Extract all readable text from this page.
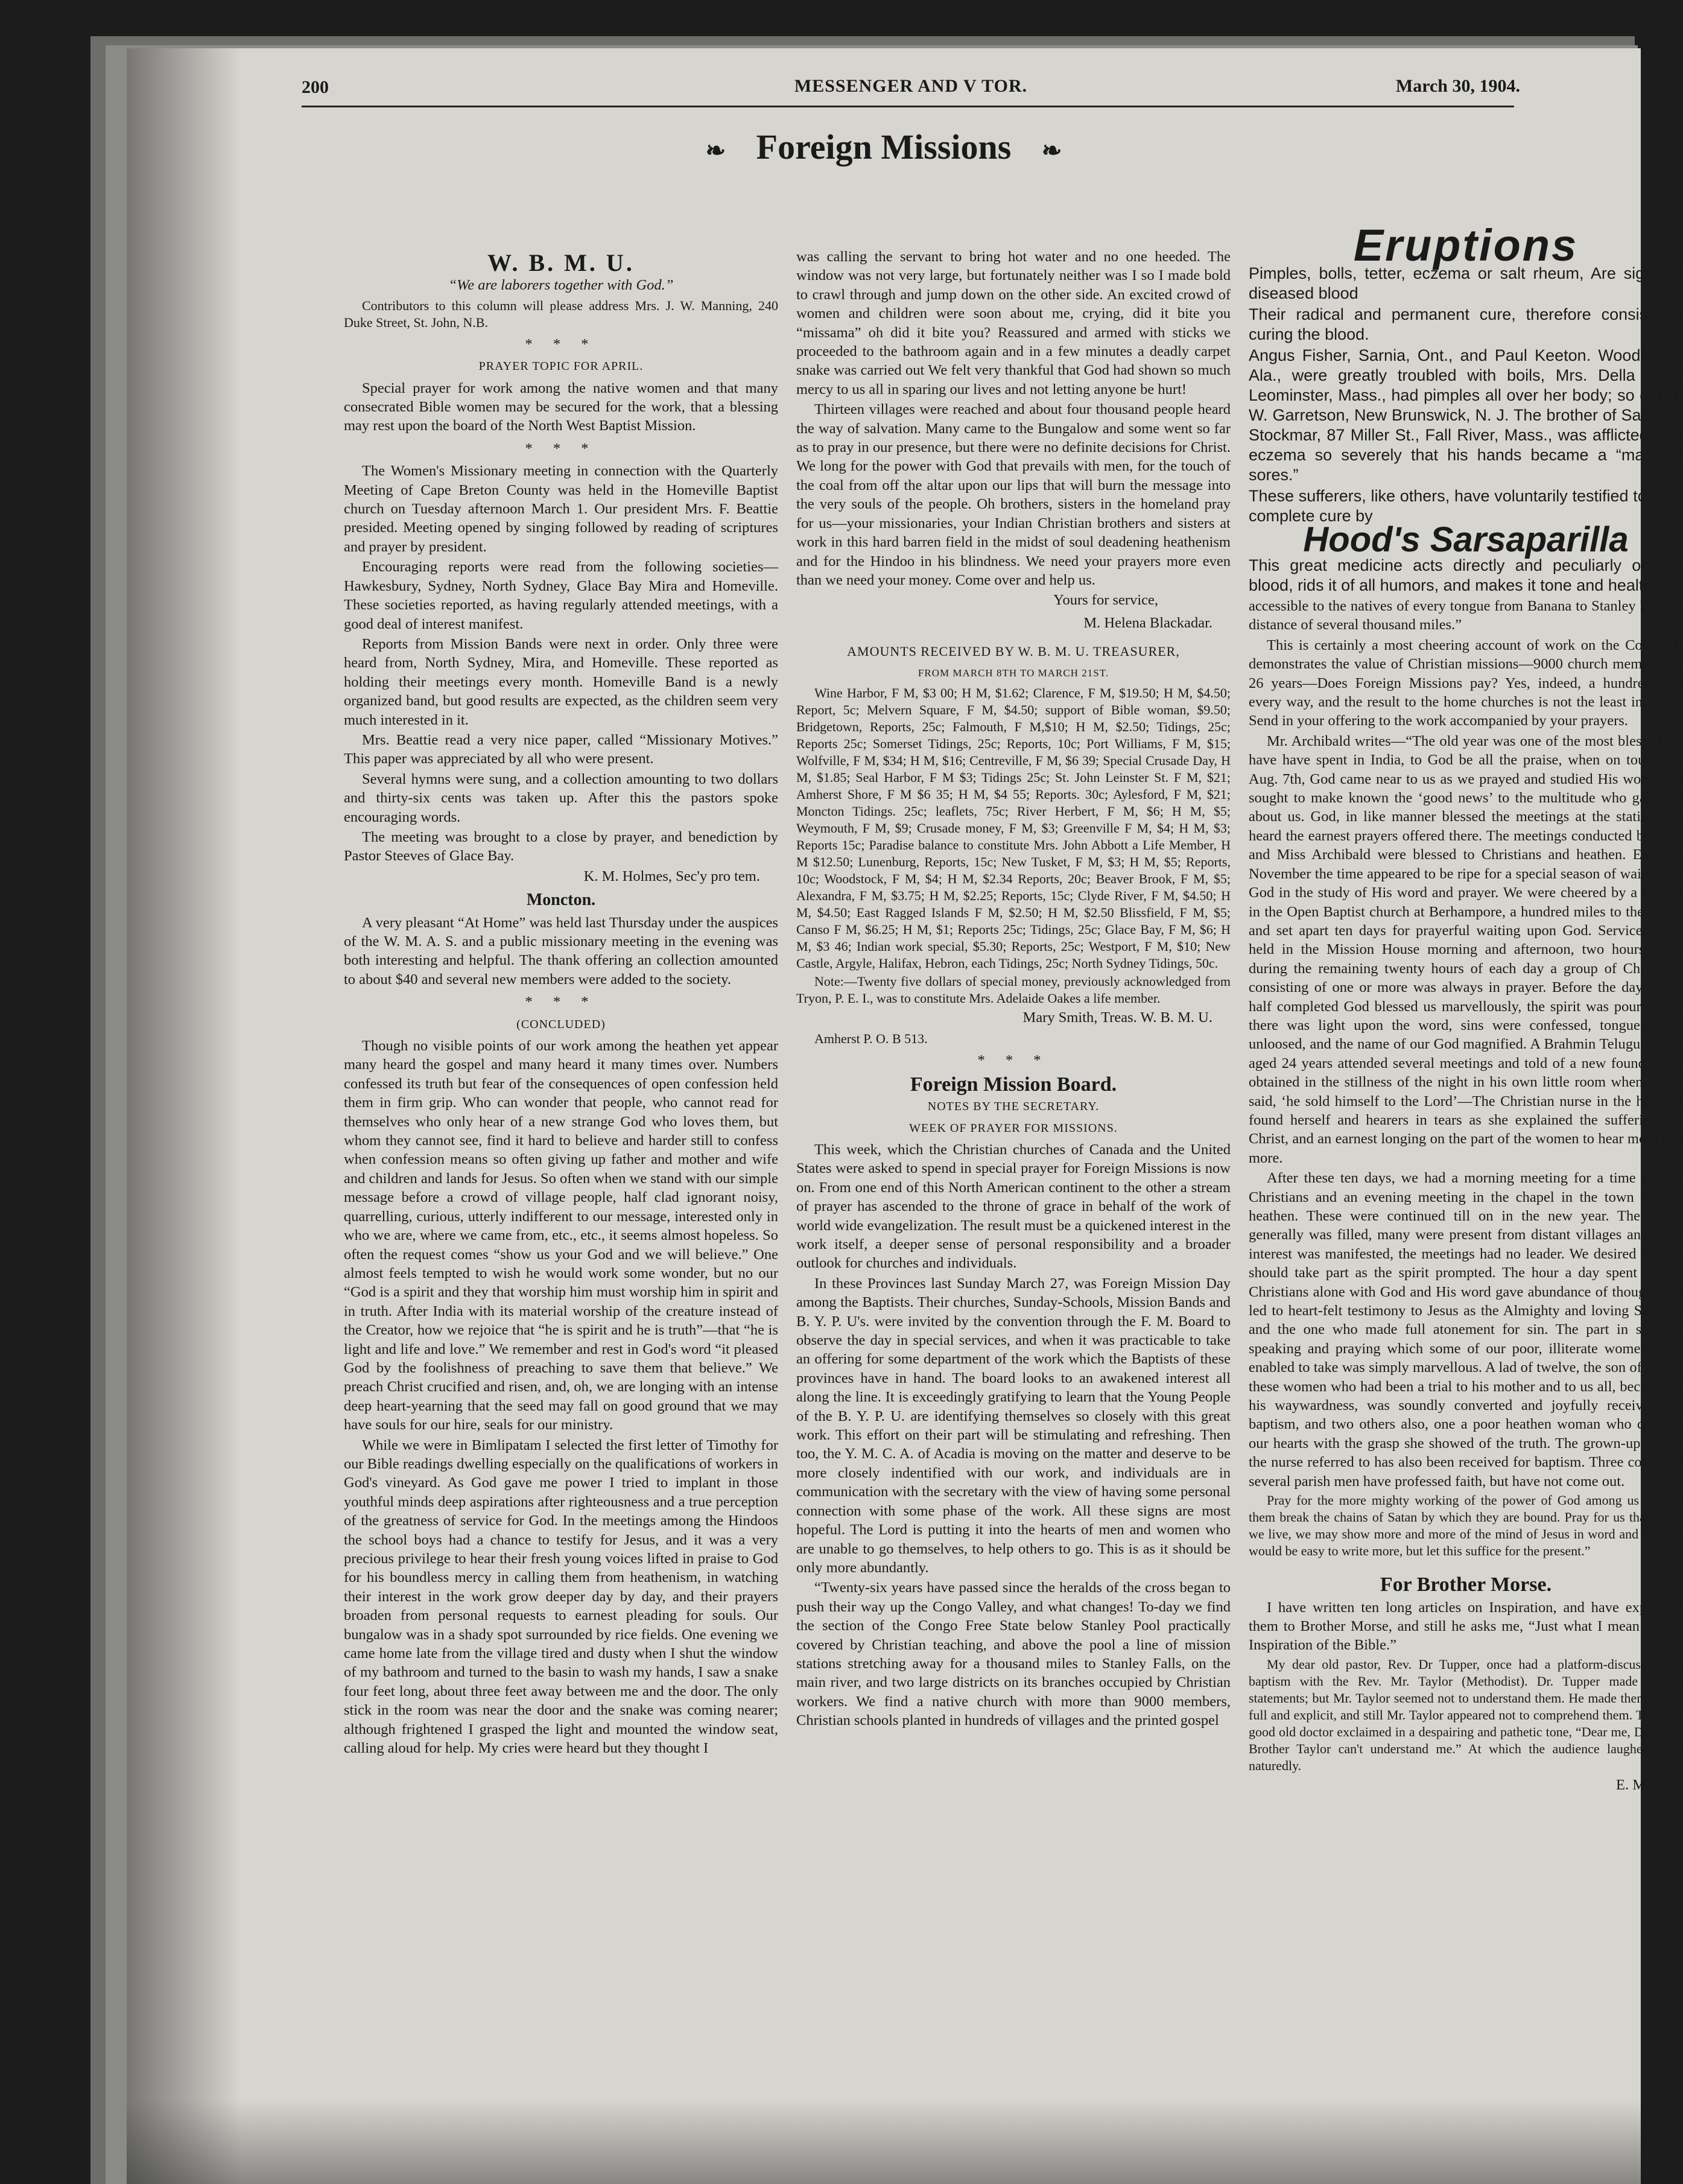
200	MESSENGER AND V TOR.	March 30, 1904.
❧ Foreign Missions ❧
W. B. M. U.
“We are laborers together with God.”

Contributors to this column will please address Mrs. J. W. Manning, 240 Duke Street, St. John, N.B.

* * *
PRAYER TOPIC FOR APRIL.

Special prayer for work among the native women and that many consecrated Bible women may be secured for the work, that a blessing may rest upon the board of the North West Baptist Mission.

* * *

The Women's Missionary meeting in connection with the Quarterly Meeting of Cape Breton County was held in the Homeville Baptist church on Tuesday afternoon March 1. Our president Mrs. F. Beattie presided. Meeting opened by singing followed by reading of scriptures and prayer by president.

Encouraging reports were read from the following societies—Hawkesbury, Sydney, North Sydney, Glace Bay Mira and Homeville. These societies reported, as having regularly attended meetings, with a good deal of interest manifest.

Reports from Mission Bands were next in order. Only three were heard from, North Sydney, Mira, and Homeville. These reported as holding their meetings every month. Homeville Band is a newly organized band, but good results are expected, as the children seem very much interested in it.

Mrs. Beattie read a very nice paper, called “Missionary Motives.” This paper was appreciated by all who were present.

Several hymns were sung, and a collection amounting to two dollars and thirty-six cents was taken up. After this the pastors spoke encouraging words.

The meeting was brought to a close by prayer, and benediction by Pastor Steeves of Glace Bay.

K. M. Holmes, Sec'y pro tem.
Moncton.

A very pleasant “At Home” was held last Thursday under the auspices of the W. M. A. S. and a public missionary meeting in the evening was both interesting and helpful. The thank offering an collection amounted to about $40 and several new members were added to the society.

* * *
(CONCLUDED)

Though no visible points of our work among the heathen yet appear many heard the gospel and many heard it many times over. Numbers confessed its truth but fear of the consequences of open confession held them in firm grip. Who can wonder that people, who cannot read for themselves who only hear of a new strange God who loves them, but whom they cannot see, find it hard to believe and harder still to confess when confession means so often giving up father and mother and wife and children and lands for Jesus. So often when we stand with our simple message before a crowd of village people, half clad ignorant noisy, quarrelling, curious, utterly indifferent to our message, interested only in who we are, where we came from, etc., etc., it seems almost hopeless. So often the request comes “show us your God and we will believe.” One almost feels tempted to wish he would work some wonder, but no our “God is a spirit and they that worship him must worship him in spirit and in truth. After India with its material worship of the creature instead of the Creator, how we rejoice that “he is spirit and he is truth”—that “he is light and life and love.” We remember and rest in God's word “it pleased God by the foolishness of preaching to save them that believe.” We preach Christ crucified and risen, and, oh, we are longing with an intense deep heart-yearning that the seed may fall on good ground that we may have souls for our hire, seals for our ministry.

While we were in Bimlipatam I selected the first letter of Timothy for our Bible readings dwelling especially on the qualifications of workers in God's vineyard. As God gave me power I tried to implant in those youthful minds deep aspirations after righteousness and a true perception of the greatness of service for God. In the meetings among the Hindoos the school boys had a chance to testify for Jesus, and it was a very precious privilege to hear their fresh young voices lifted in praise to God for his boundless mercy in calling them from heathenism, in watching their interest in the work grow deeper day by day, and their prayers broaden from personal requests to earnest pleading for souls. Our bungalow was in a shady spot surrounded by rice fields. One evening we came home late from the village tired and dusty when I shut the window of my bathroom and turned to the basin to wash my hands, I saw a snake four feet long, about three feet away between me and the door. The only stick in the room was near the door and the snake was coming nearer; although frightened I grasped the light and mounted the window seat, calling aloud for help. My cries were heard but they thought I

was calling the servant to bring hot water and no one heeded. The window was not very large, but fortunately neither was I so I made bold to crawl through and jump down on the other side. An excited crowd of women and children were soon about me, crying, did it bite you “missama” oh did it bite you? Reassured and armed with sticks we proceeded to the bathroom again and in a few minutes a deadly carpet snake was carried out We felt very thankful that God had shown so much mercy to us all in sparing our lives and not letting anyone be hurt!

Thirteen villages were reached and about four thousand people heard the way of salvation. Many came to the Bungalow and some went so far as to pray in our presence, but there were no definite decisions for Christ. We long for the power with God that prevails with men, for the touch of the coal from off the altar upon our lips that will burn the message into the very souls of the people. Oh brothers, sisters in the homeland pray for us—your missionaries, your Indian Christian brothers and sisters at work in this hard barren field in the midst of soul deadening heathenism and for the Hindoo in his blindness. We need your prayers more even than we need your money. Come over and help us.

Yours for service,
M. Helena Blackadar.
AMOUNTS RECEIVED BY W. B. M. U. TREASURER,
FROM MARCH 8TH TO MARCH 21ST.

Wine Harbor, F M, $3 00; H M, $1.62; Clarence, F M, $19.50; H M, $4.50; Report, 5c; Melvern Square, F M, $4.50; support of Bible woman, $9.50; Bridgetown, Reports, 25c; Falmouth, F M,$10; H M, $2.50; Tidings, 25c; Reports 25c; Somerset Tidings, 25c; Reports, 10c; Port Williams, F M, $15; Wolfville, F M, $34; H M, $16; Centreville, F M, $6 39; Special Crusade Day, H M, $1.85; Seal Harbor, F M $3; Tidings 25c; St. John Leinster St. F M, $21; Amherst Shore, F M $6 35; H M, $4 55; Reports. 30c; Aylesford, F M, $21; Moncton Tidings. 25c; leaflets, 75c; River Herbert, F M, $6; H M, $5; Weymouth, F M, $9; Crusade money, F M, $3; Greenville F M, $4; H M, $3; Reports 15c; Paradise balance to constitute Mrs. John Abbott a Life Member, H M $12.50; Lunenburg, Reports, 15c; New Tusket, F M, $3; H M, $5; Reports, 10c; Woodstock, F M, $4; H M, $2.34 Reports, 20c; Beaver Brook, F M, $5; Alexandra, F M, $3.75; H M, $2.25; Reports, 15c; Clyde River, F M, $4.50; H M, $4.50; East Ragged Islands F M, $2.50; H M, $2.50 Blissfield, F M, $5; Canso F M, $6.25; H M, $1; Reports 25c; Tidings, 25c; Glace Bay, F M, $6; H M, $3 46; Indian work special, $5.30; Reports, 25c; Westport, F M, $10; New Castle, Argyle, Halifax, Hebron, each Tidings, 25c; North Sydney Tidings, 50c.

Note:—Twenty five dollars of special money, previously acknowledged from Tryon, P. E. I., was to constitute Mrs. Adelaide Oakes a life member.

Mary Smith, Treas. W. B. M. U.

Amherst P. O. B 513.

* * *
Foreign Mission Board.
NOTES BY THE SECRETARY.
WEEK OF PRAYER FOR MISSIONS.

This week, which the Christian churches of Canada and the United States were asked to spend in special prayer for Foreign Missions is now on. From one end of this North American continent to the other a stream of prayer has ascended to the throne of grace in behalf of the work of world wide evangelization. The result must be a quickened interest in the work itself, a deeper sense of personal responsibility and a broader outlook for churches and individuals.

In these Provinces last Sunday March 27, was Foreign Mission Day among the Baptists. Their churches, Sunday-Schools, Mission Bands and B. Y. P. U's. were invited by the convention through the F. M. Board to observe the day in special services, and when it was practicable to take an offering for some department of the work which the Baptists of these provinces have in hand. The board looks to an awakened interest all along the line. It is exceedingly gratifying to learn that the Young People of the B. Y. P. U. are identifying themselves so closely with this great work. This effort on their part will be stimulating and refreshing. Then too, the Y. M. C. A. of Acadia is moving on the matter and deserve to be more closely indentified with our work, and individuals are in communication with the secretary with the view of having some personal connection with some phase of the work. All these signs are most hopeful. The Lord is putting it into the hearts of men and women who are unable to go themselves, to help others to go. This is as it should be only more abundantly.

“Twenty-six years have passed since the heralds of the cross began to push their way up the Congo Valley, and what changes! To-day we find the section of the Congo Free State below Stanley Pool practically covered by Christian teaching, and above the pool a line of mission stations stretching away for a thousand miles to Stanley Falls, on the main river, and two large districts on its branches occupied by Christian workers. We find a native church with more than 9000 members, Christian schools planted in hundreds of villages and the printed gospel

Eruptions

Pimples, bolls, tetter, eczema or salt rheum, Are signs of diseased blood

Their radical and permanent cure, therefore consists in curing the blood.

Angus Fisher, Sarnia, Ont., and Paul Keeton. Woodstock, Ala., were greatly troubled with boils, Mrs. Della Lord, Leominster, Mass., had pimples all over her body; so did R. W. Garretson, New Brunswick, N. J. The brother of Sadie E. Stockmar, 87 Miller St., Fall River, Mass., was afflicted with eczema so severely that his hands became a “mass of sores.”

These sufferers, like others, have voluntarily testified to their complete cure by

Hood's Sarsaparilla

This great medicine acts directly and peculiarly on the blood, rids it of all humors, and makes it tone and healthy.

accessible to the natives of every tongue from Banana to Stanley Falls, a distance of several thousand miles.”

This is certainly a most cheering account of work on the Congo. It demonstrates the value of Christian missions—9000 church members in 26 years—Does Foreign Missions pay? Yes, indeed, a hundred fold every way, and the result to the home churches is not the least in value. Send in your offering to the work accompanied by your prayers.

Mr. Archibald writes—“The old year was one of the most blessed we have have spent in India, to God be all the praise, when on tour after Aug. 7th, God came near to us as we prayed and studied His word, and sought to make known the ‘good news’ to the multitude who gathered about us. God, in like manner blessed the meetings at the station and heard the earnest prayers offered there. The meetings conducted by Mrs. and Miss Archibald were blessed to Christians and heathen. Early in November the time appeared to be ripe for a special season of waiting on God in the study of His word and prayer. We were cheered by a revival in the Open Baptist church at Berhampore, a hundred miles to the north, and set apart ten days for prayerful waiting upon God. Services were held in the Mission House morning and afternoon, two hours each, during the remaining twenty hours of each day a group of Christians consisting of one or more was always in prayer. Before the days were half completed God blessed us marvellously, the spirit was poured out, there was light upon the word, sins were confessed, tongues were unloosed, and the name of our God magnified. A Brahmin Telugu Pundit aged 24 years attended several meetings and told of a new found hope, obtained in the stillness of the night in his own little room when, as he said, ‘he sold himself to the Lord’—The Christian nurse in the hospital found herself and hearers in tears as she explained the sufferings of Christ, and an earnest longing on the part of the women to hear more and more.

After these ten days, we had a morning meeting for a time for the Christians and an evening meeting in the chapel in the town for the heathen. These were continued till on in the new year. The house generally was filled, many were present from distant villages and great interest was manifested, the meetings had no leader. We desired that all should take part as the spirit prompted. The hour a day spent by the Christians alone with God and His word gave abundance of thought and led to heart-felt testimony to Jesus as the Almighty and loving Saviour, and the one who made full atonement for sin. The part in singing, speaking and praying which some of our poor, illiterate women were enabled to take was simply marvellous. A lad of twelve, the son of one of these women who had been a trial to his mother and to us all, because of his waywardness, was soundly converted and joyfully received for baptism, and two others also, one a poor heathen woman who cheered our hearts with the grasp she showed of the truth. The grown-up son of the nurse referred to has also been received for baptism. Three costs and several parish men have professed faith, but have not come out.

Pray for the more mighty working of the power of God among us to help them break the chains of Satan by which they are bound. Pray for us that while we live, we may show more and more of the mind of Jesus in word and deed. It would be easy to write more, but let this suffice for the present.”

For Brother Morse.

I have written ten long articles on Inspiration, and have explained them to Brother Morse, and still he asks me, “Just what I mean by the Inspiration of the Bible.”

My dear old pastor, Rev. Dr Tupper, once had a platform-discussion on baptism with the Rev. Mr. Taylor (Methodist). Dr. Tupper made certain statements; but Mr. Taylor seemed not to understand them. He made them again, full and explicit, and still Mr. Taylor appeared not to comprehend them. Then the good old doctor exclaimed in a despairing and pathetic tone, “Dear me, Dear me, Brother Taylor can't understand me.” At which the audience laughed good naturedly.

E. M. S.
